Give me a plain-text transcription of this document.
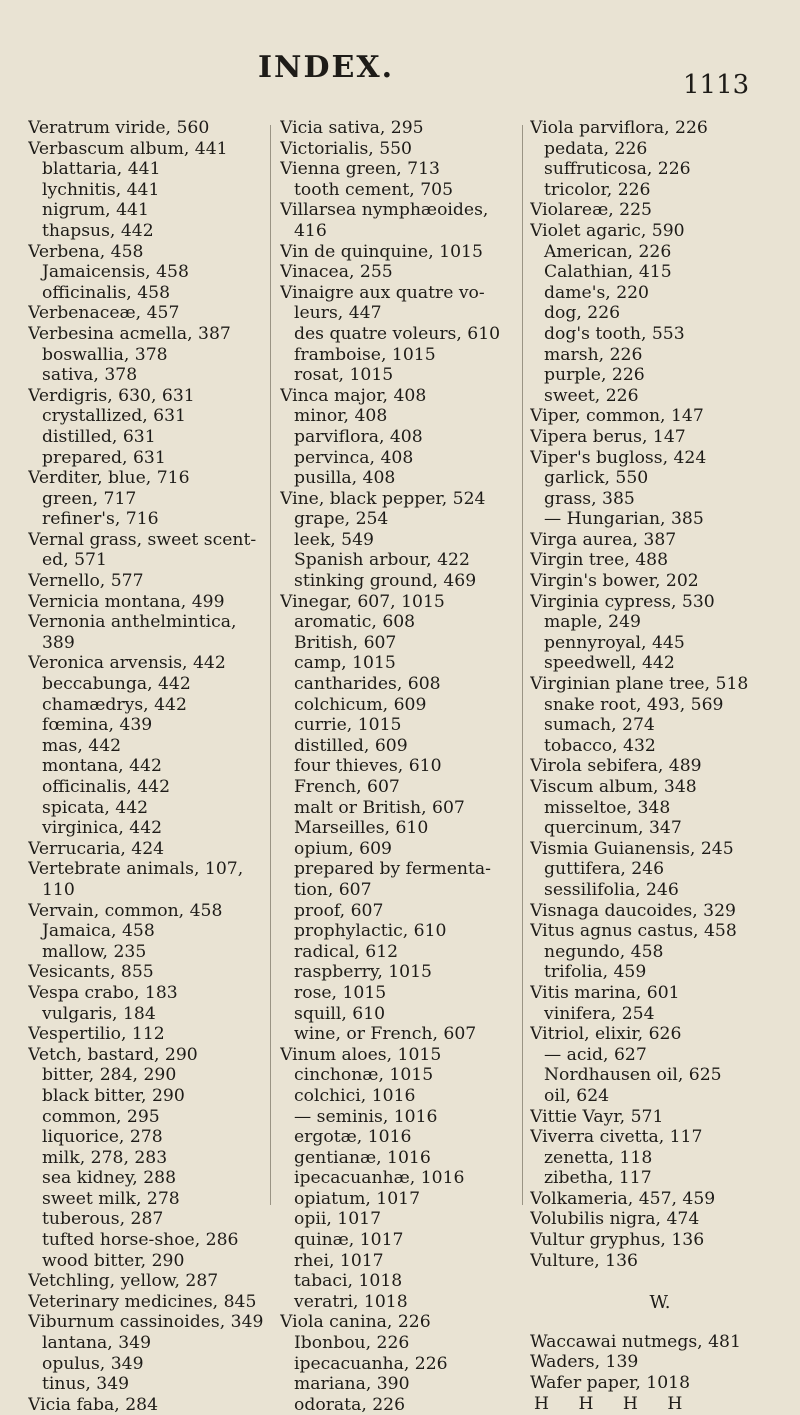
INDEX.	1113
Veratrum viride, 560
Verbascum album, 441
blattaria, 441
lychnitis, 441
nigrum, 441
thapsus, 442
Verbena, 458
Jamaicensis, 458
officinalis, 458
Verbenaceæ, 457
Verbesina acmella, 387
boswallia, 378
sativa, 378
Verdigris, 630, 631
crystallized, 631
distilled, 631
prepared, 631
Verditer, blue, 716
green, 717
refiner's, 716
Vernal grass, sweet scent-
ed, 571
Vernello, 577
Vernicia montana, 499
Vernonia anthelmintica,
389
Veronica arvensis, 442
beccabunga, 442
chamædrys, 442
fœmina, 439
mas, 442
montana, 442
officinalis, 442
spicata, 442
virginica, 442
Verrucaria, 424
Vertebrate animals, 107,
110
Vervain, common, 458
Jamaica, 458
mallow, 235
Vesicants, 855
Vespa crabo, 183
vulgaris, 184
Vespertilio, 112
Vetch, bastard, 290
bitter, 284, 290
black bitter, 290
common, 295
liquorice, 278
milk, 278, 283
sea kidney, 288
sweet milk, 278
tuberous, 287
tufted horse-shoe, 286
wood bitter, 290
Vetchling, yellow, 287
Veterinary medicines, 845
Viburnum cassinoides, 349
lantana, 349
opulus, 349
tinus, 349
Vicia faba, 284
Vicia sativa, 295
Victorialis, 550
Vienna green, 713
tooth cement, 705
Villarsea nymphæoides,
416
Vin de quinquine, 1015
Vinacea, 255
Vinaigre aux quatre vo-
leurs, 447
des quatre voleurs, 610
framboise, 1015
rosat, 1015
Vinca major, 408
minor, 408
parviflora, 408
pervinca, 408
pusilla, 408
Vine, black pepper, 524
grape, 254
leek, 549
Spanish arbour, 422
stinking ground, 469
Vinegar, 607, 1015
aromatic, 608
British, 607
camp, 1015
cantharides, 608
colchicum, 609
currie, 1015
distilled, 609
four thieves, 610
French, 607
malt or British, 607
Marseilles, 610
opium, 609
prepared by fermenta-
tion, 607
proof, 607
prophylactic, 610
radical, 612
raspberry, 1015
rose, 1015
squill, 610
wine, or French, 607
Vinum aloes, 1015
cinchonæ, 1015
colchici, 1016
— seminis, 1016
ergotæ, 1016
gentianæ, 1016
ipecacuanhæ, 1016
opiatum, 1017
opii, 1017
quinæ, 1017
rhei, 1017
tabaci, 1018
veratri, 1018
Viola canina, 226
Ibonbou, 226
ipecacuanha, 226
mariana, 390
odorata, 226
Viola parviflora, 226
pedata, 226
suffruticosa, 226
tricolor, 226
Violareæ, 225
Violet agaric, 590
American, 226
Calathian, 415
dame's, 220
dog, 226
dog's tooth, 553
marsh, 226
purple, 226
sweet, 226
Viper, common, 147
Vipera berus, 147
Viper's bugloss, 424
garlick, 550
grass, 385
— Hungarian, 385
Virga aurea, 387
Virgin tree, 488
Virgin's bower, 202
Virginia cypress, 530
maple, 249
pennyroyal, 445
speedwell, 442
Virginian plane tree, 518
snake root, 493, 569
sumach, 274
tobacco, 432
Virola sebifera, 489
Viscum album, 348
misseltoe, 348
quercinum, 347
Vismia Guianensis, 245
guttifera, 246
sessilifolia, 246
Visnaga daucoides, 329
Vitus agnus castus, 458
negundo, 458
trifolia, 459
Vitis marina, 601
vinifera, 254
Vitriol, elixir, 626
— acid, 627
Nordhausen oil, 625
oil, 624
Vittie Vayr, 571
Viverra civetta, 117
zenetta, 118
zibetha, 117
Volkameria, 457, 459
Volubilis nigra, 474
Vultur gryphus, 136
Vulture, 136
W.
Waccawai nutmegs, 481
Waders, 139
Wafer paper, 1018
H H H H
